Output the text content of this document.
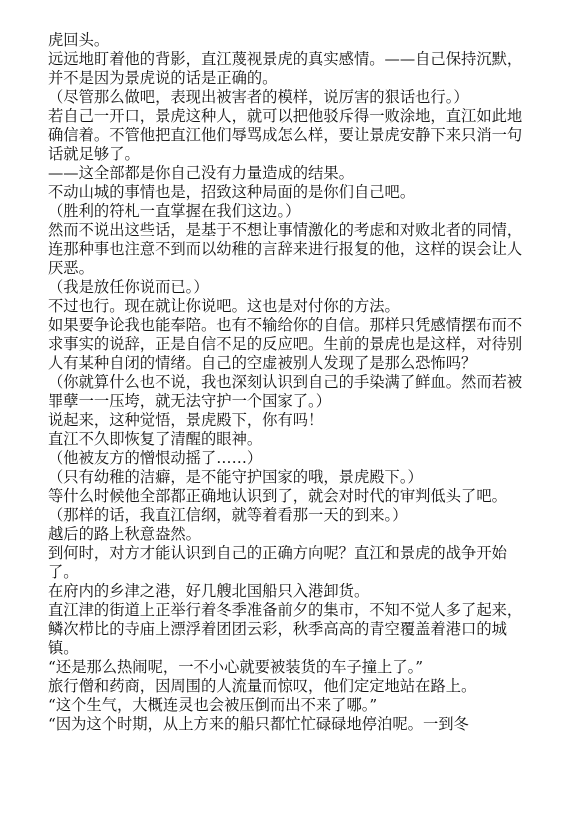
虎回头。

远远地盯着他的背影，直江蔑视景虎的真实感情。——自己保持沉默，并不是因为景虎说的话是正确的。

（尽管那么做吧，表现出被害者的模样，说厉害的狠话也行。）

若自己一开口，景虎这种人，就可以把他驳斥得一败涂地，直江如此地确信着。不管他把直江他们辱骂成怎么样，要让景虎安静下来只消一句话就足够了。

——这全部都是你自己没有力量造成的结果。

不动山城的事情也是，招致这种局面的是你们自己吧。

（胜利的符札一直掌握在我们这边。）

然而不说出这些话，是基于不想让事情激化的考虑和对败北者的同情，连那种事也注意不到而以幼稚的言辞来进行报复的他，这样的误会让人厌恶。

（我是放任你说而已。）

不过也行。现在就让你说吧。这也是对付你的方法。

如果要争论我也能奉陪。也有不输给你的自信。那样只凭感情摆布而不求事实的说辞，正是自信不足的反应吧。生前的景虎也是这样，对待别人有某种自闭的情绪。自己的空虚被别人发现了是那么恐怖吗？

（你就算什么也不说，我也深刻认识到自己的手染满了鲜血。然而若被罪孽一一压垮，就无法守护一个国家了。）

说起来，这种觉悟，景虎殿下，你有吗！

直江不久即恢复了清醒的眼神。

（他被友方的憎恨动摇了……）

（只有幼稚的洁癖，是不能守护国家的哦，景虎殿下。）

等什么时候他全部都正确地认识到了，就会对时代的审判低头了吧。

（那样的话，我直江信纲，就等着看那一天的到来。）

越后的路上秋意盎然。

到何时，对方才能认识到自己的正确方向呢？直江和景虎的战争开始了。

在府内的乡津之港，好几艘北国船只入港卸货。

直江津的街道上正举行着冬季准备前夕的集市，不知不觉人多了起来，鳞次栉比的寺庙上漂浮着团团云彩，秋季高高的青空覆盖着港口的城镇。

“还是那么热闹呢，一不小心就要被装货的车子撞上了。”

旅行僧和药商，因周围的人流量而惊叹，他们定定地站在路上。

“这个生气，大概连灵也会被压倒而出不来了哪。”

“因为这个时期，从上方来的船只都忙忙碌碌地停泊呢。一到冬
